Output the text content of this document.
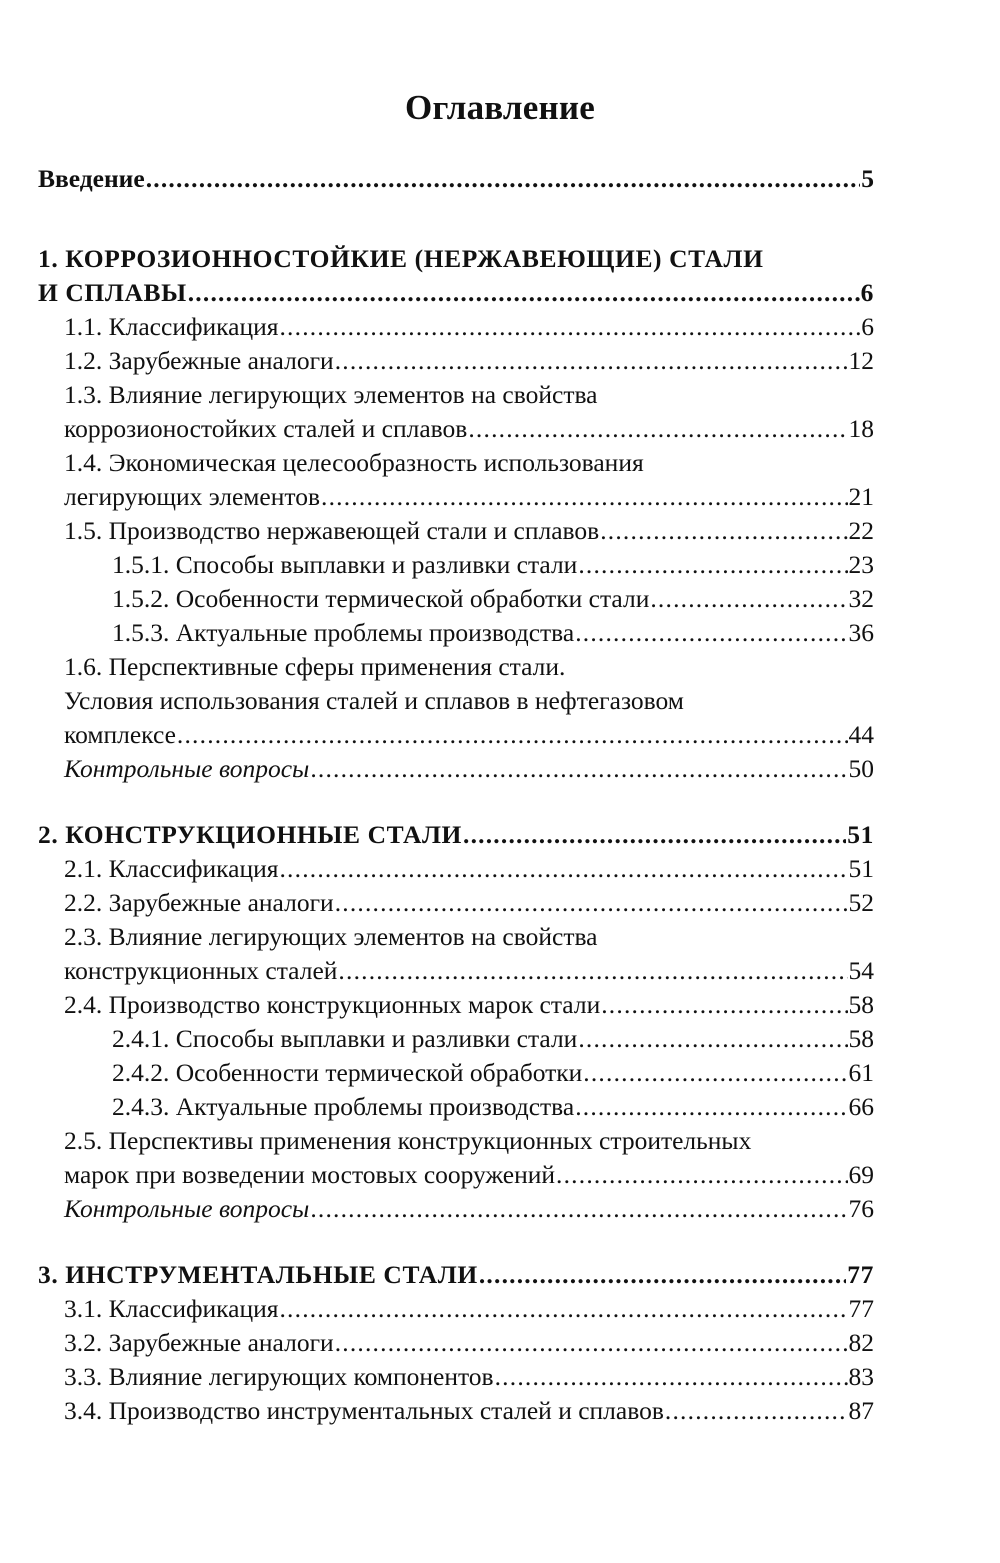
Оглавление
Введение .....	5
1. КОРРОЗИОННОСТОЙКИЕ (НЕРЖАВЕЮЩИЕ) СТАЛИ
И СПЛАВЫ .....	6
1.1. Классификация .....	6
1.2. Зарубежные аналоги .....	12
1.3. Влияние легирующих элементов на свойства
коррозионостойких сталей и сплавов .....	18
1.4. Экономическая целесообразность использования
легирующих элементов .....	21
1.5. Производство нержавеющей стали и сплавов .....	22
1.5.1. Способы выплавки и разливки стали .....	23
1.5.2. Особенности термической обработки стали .....	32
1.5.3. Актуальные проблемы производства .....	36
1.6. Перспективные сферы применения стали.
Условия использования сталей и сплавов в нефтегазовом
комплексе .....	44
Контрольные вопросы .....	50
2. КОНСТРУКЦИОННЫЕ СТАЛИ .....	51
2.1. Классификация .....	51
2.2. Зарубежные аналоги .....	52
2.3. Влияние легирующих элементов на свойства
конструкционных сталей .....	54
2.4. Производство конструкционных марок стали .....	58
2.4.1. Способы выплавки и разливки стали .....	58
2.4.2. Особенности термической обработки .....	61
2.4.3. Актуальные проблемы производства .....	66
2.5. Перспективы применения конструкционных строительных
марок при возведении мостовых сооружений .....	69
Контрольные вопросы .....	76
3. ИНСТРУМЕНТАЛЬНЫЕ СТАЛИ .....	77
3.1. Классификация .....	77
3.2. Зарубежные аналоги .....	82
3.3. Влияние легирующих компонентов .....	83
3.4. Производство инструментальных сталей и сплавов .....	87
